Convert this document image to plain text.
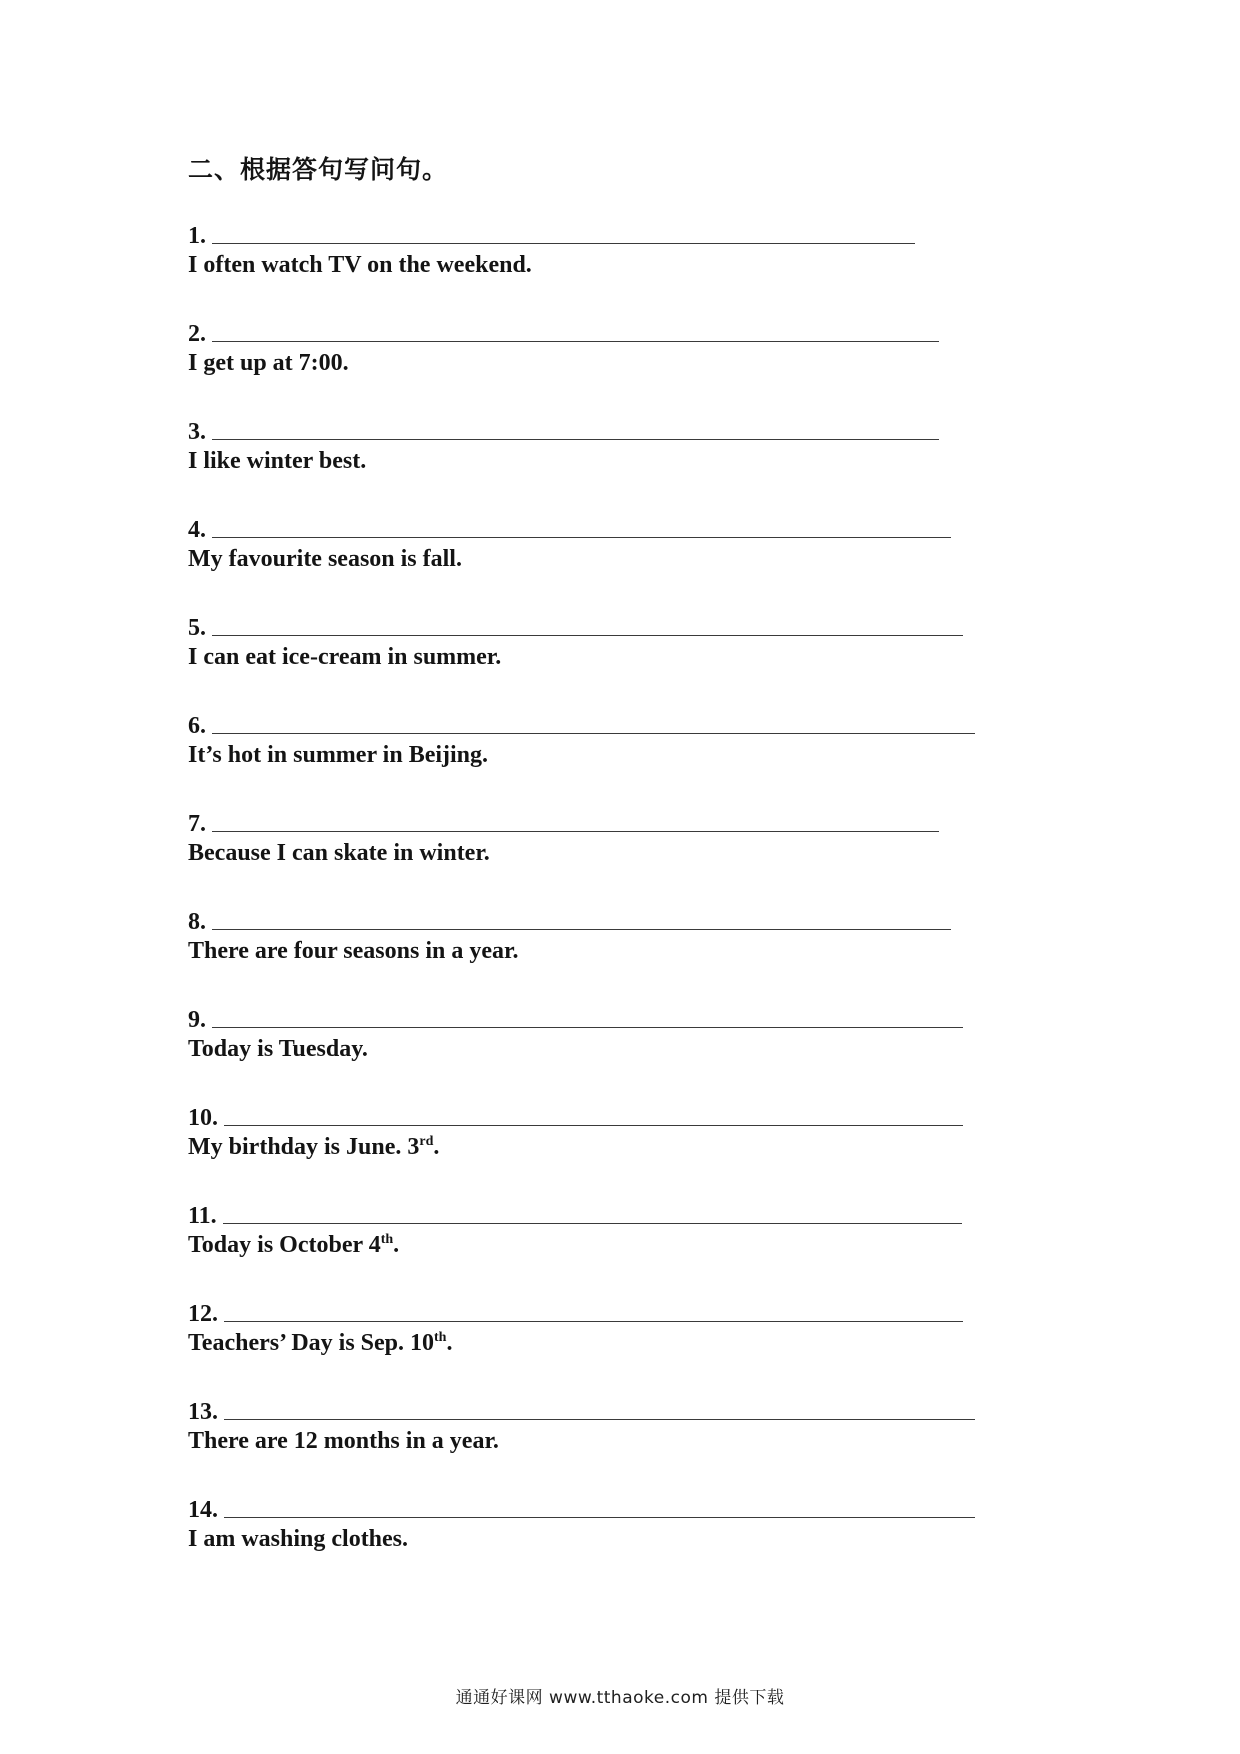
二、根据答句写问句。
1.
I often watch TV on the weekend.
2.
I get up at 7:00.
3.
I like winter best.
4.
My favourite season is fall.
5.
I can eat ice-cream in summer.
6.
It’s hot in summer in Beijing.
7.
Because I can skate in winter.
8.
There are four seasons in a year.
9.
Today is Tuesday.
10.
My birthday is June. 3rd.
11.
Today is October 4th.
12.
Teachers’ Day is Sep. 10th.
13.
There are 12 months in a year.
14.
I am washing clothes.
通通好课网 www.tthaoke.com 提供下载
